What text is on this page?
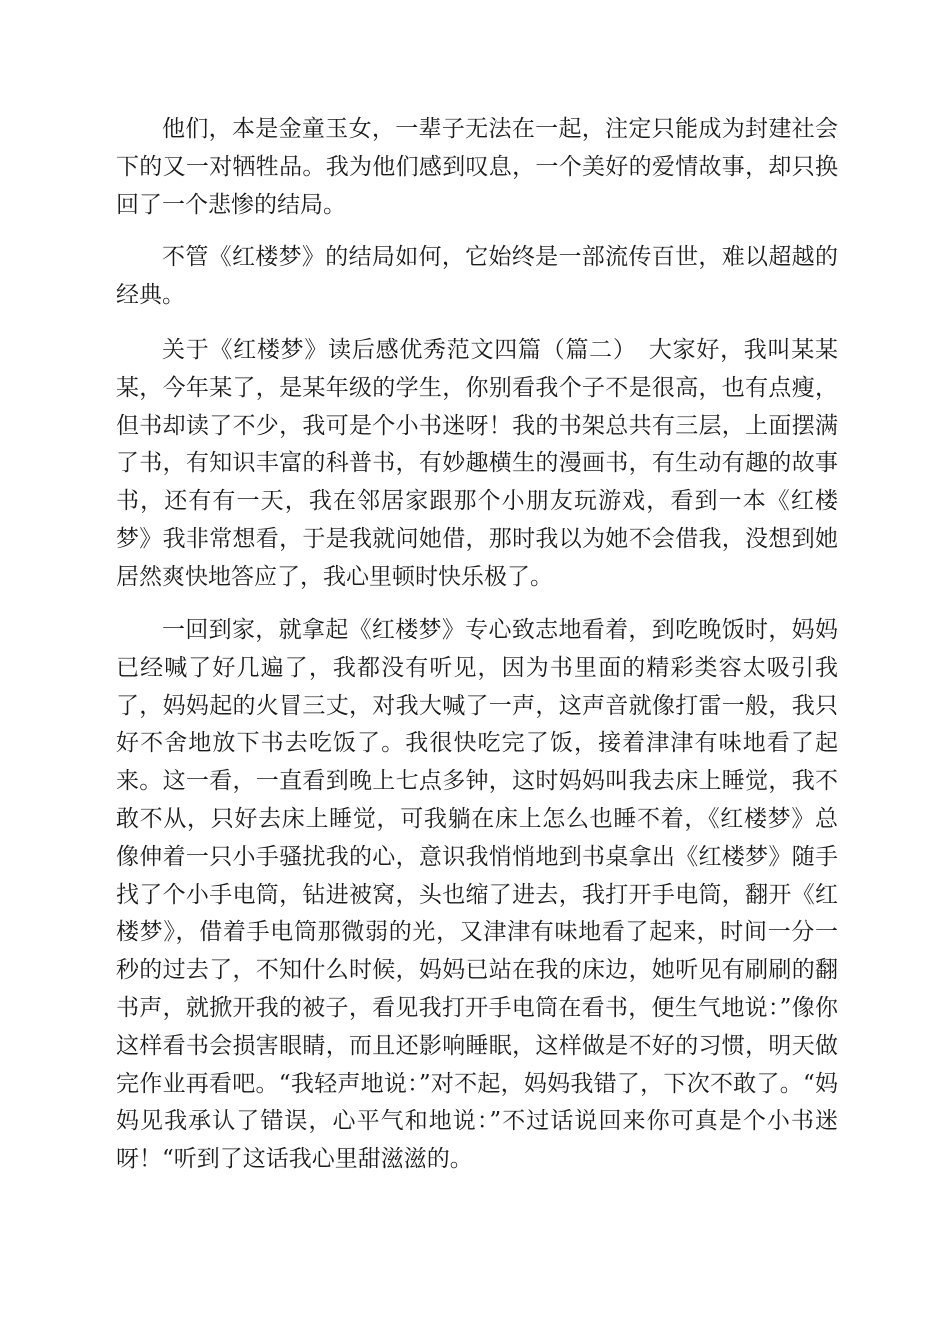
他们，本是金童玉女，一辈子无法在一起，注定只能成为封建社会下的又一对牺牲品。我为他们感到叹息，一个美好的爱情故事，却只换回了一个悲惨的结局。

不管《红楼梦》的结局如何，它始终是一部流传百世，难以超越的经典。

关于《红楼梦》读后感优秀范文四篇（篇二）　大家好，我叫某某某，今年某了，是某年级的学生，你别看我个子不是很高，也有点瘦，但书却读了不少，我可是个小书迷呀！我的书架总共有三层，上面摆满了书，有知识丰富的科普书，有妙趣横生的漫画书，有生动有趣的故事书，还有有一天，我在邻居家跟那个小朋友玩游戏，看到一本《红楼梦》我非常想看，于是我就问她借，那时我以为她不会借我，没想到她居然爽快地答应了，我心里顿时快乐极了。

一回到家，就拿起《红楼梦》专心致志地看着，到吃晚饭时，妈妈已经喊了好几遍了，我都没有听见，因为书里面的精彩类容太吸引我了，妈妈起的火冒三丈，对我大喊了一声，这声音就像打雷一般，我只好不舍地放下书去吃饭了。我很快吃完了饭，接着津津有味地看了起来。这一看，一直看到晚上七点多钟，这时妈妈叫我去床上睡觉，我不敢不从，只好去床上睡觉，可我躺在床上怎么也睡不着，《红楼梦》总像伸着一只小手骚扰我的心，意识我悄悄地到书桌拿出《红楼梦》随手找了个小手电筒，钻进被窝，头也缩了进去，我打开手电筒，翻开《红楼梦》，借着手电筒那微弱的光，又津津有味地看了起来，时间一分一秒的过去了，不知什么时候，妈妈已站在我的床边，她听见有刷刷的翻书声，就掀开我的被子，看见我打开手电筒在看书，便生气地说：”像你这样看书会损害眼睛，而且还影响睡眠，这样做是不好的习惯，明天做完作业再看吧。“我轻声地说：”对不起，妈妈我错了，下次不敢了。“妈妈见我承认了错误，心平气和地说：”不过话说回来你可真是个小书迷呀！“听到了这话我心里甜滋滋的。
